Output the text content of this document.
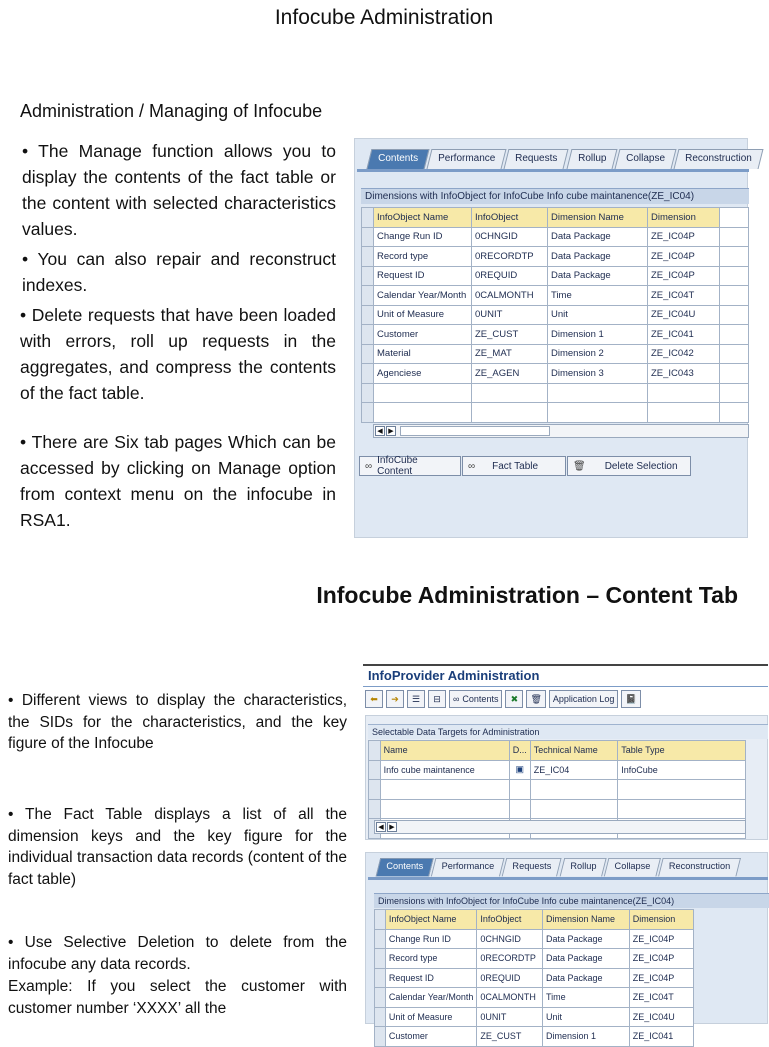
Infocube Administration
Administration / Managing of Infocube
• The Manage function allows you to display the contents of the fact table or the content with selected characteristics values.
• You can also repair and reconstruct indexes.
• Delete requests that have been loaded with errors, roll up requests in the aggregates, and compress the contents of the fact table.
• There are Six tab pages Which can be accessed by clicking on Manage option from context menu on the infocube in RSA1.
Contents	Performance	Requests	Rollup	Collapse	Reconstruction
Dimensions with InfoObject for InfoCube Info cube maintanence(ZE_IC04)
	InfoObject Name	InfoObject	Dimension Name	Dimension	
	Change Run ID	0CHNGID	Data Package	ZE_IC04P	
	Record type	0RECORDTP	Data Package	ZE_IC04P	
	Request ID	0REQUID	Data Package	ZE_IC04P	
	Calendar Year/Month	0CALMONTH	Time	ZE_IC04T	
	Unit of Measure	0UNIT	Unit	ZE_IC04U	
	Customer	ZE_CUST	Dimension 1	ZE_IC041	
	Material	ZE_MAT	Dimension 2	ZE_IC042	
	Agenciese	ZE_AGEN	Dimension 3	ZE_IC043	

◀ ▶
∞ InfoCube Content	∞ Fact Table	🗑 Delete Selection
Infocube Administration – Content Tab
• Different views to display the characteristics, the SIDs for the characteristics, and the key figure of the Infocube
• The Fact Table displays a list of all the dimension keys and the key figure for the individual transaction data records (content of the fact table)
• Use Selective Deletion to delete from the infocube any data records.
Example: If you select the customer with customer number ‘XXXX’ all the
InfoProvider Administration
⬅	➔	☰	⊟	∞ Contents	✖	🗑	Application Log	📓
Selectable Data Targets for Administration
	Name	D...	Technical Name	Table Type
	Info cube maintanence	▣	ZE_IC04	InfoCube

◀ ▶
Contents	Performance	Requests	Rollup	Collapse	Reconstruction
Dimensions with InfoObject for InfoCube Info cube maintanence(ZE_IC04)
	InfoObject Name	InfoObject	Dimension Name	Dimension
	Change Run ID	0CHNGID	Data Package	ZE_IC04P
	Record type	0RECORDTP	Data Package	ZE_IC04P
	Request ID	0REQUID	Data Package	ZE_IC04P
	Calendar Year/Month	0CALMONTH	Time	ZE_IC04T
	Unit of Measure	0UNIT	Unit	ZE_IC04U
	Customer	ZE_CUST	Dimension 1	ZE_IC041
